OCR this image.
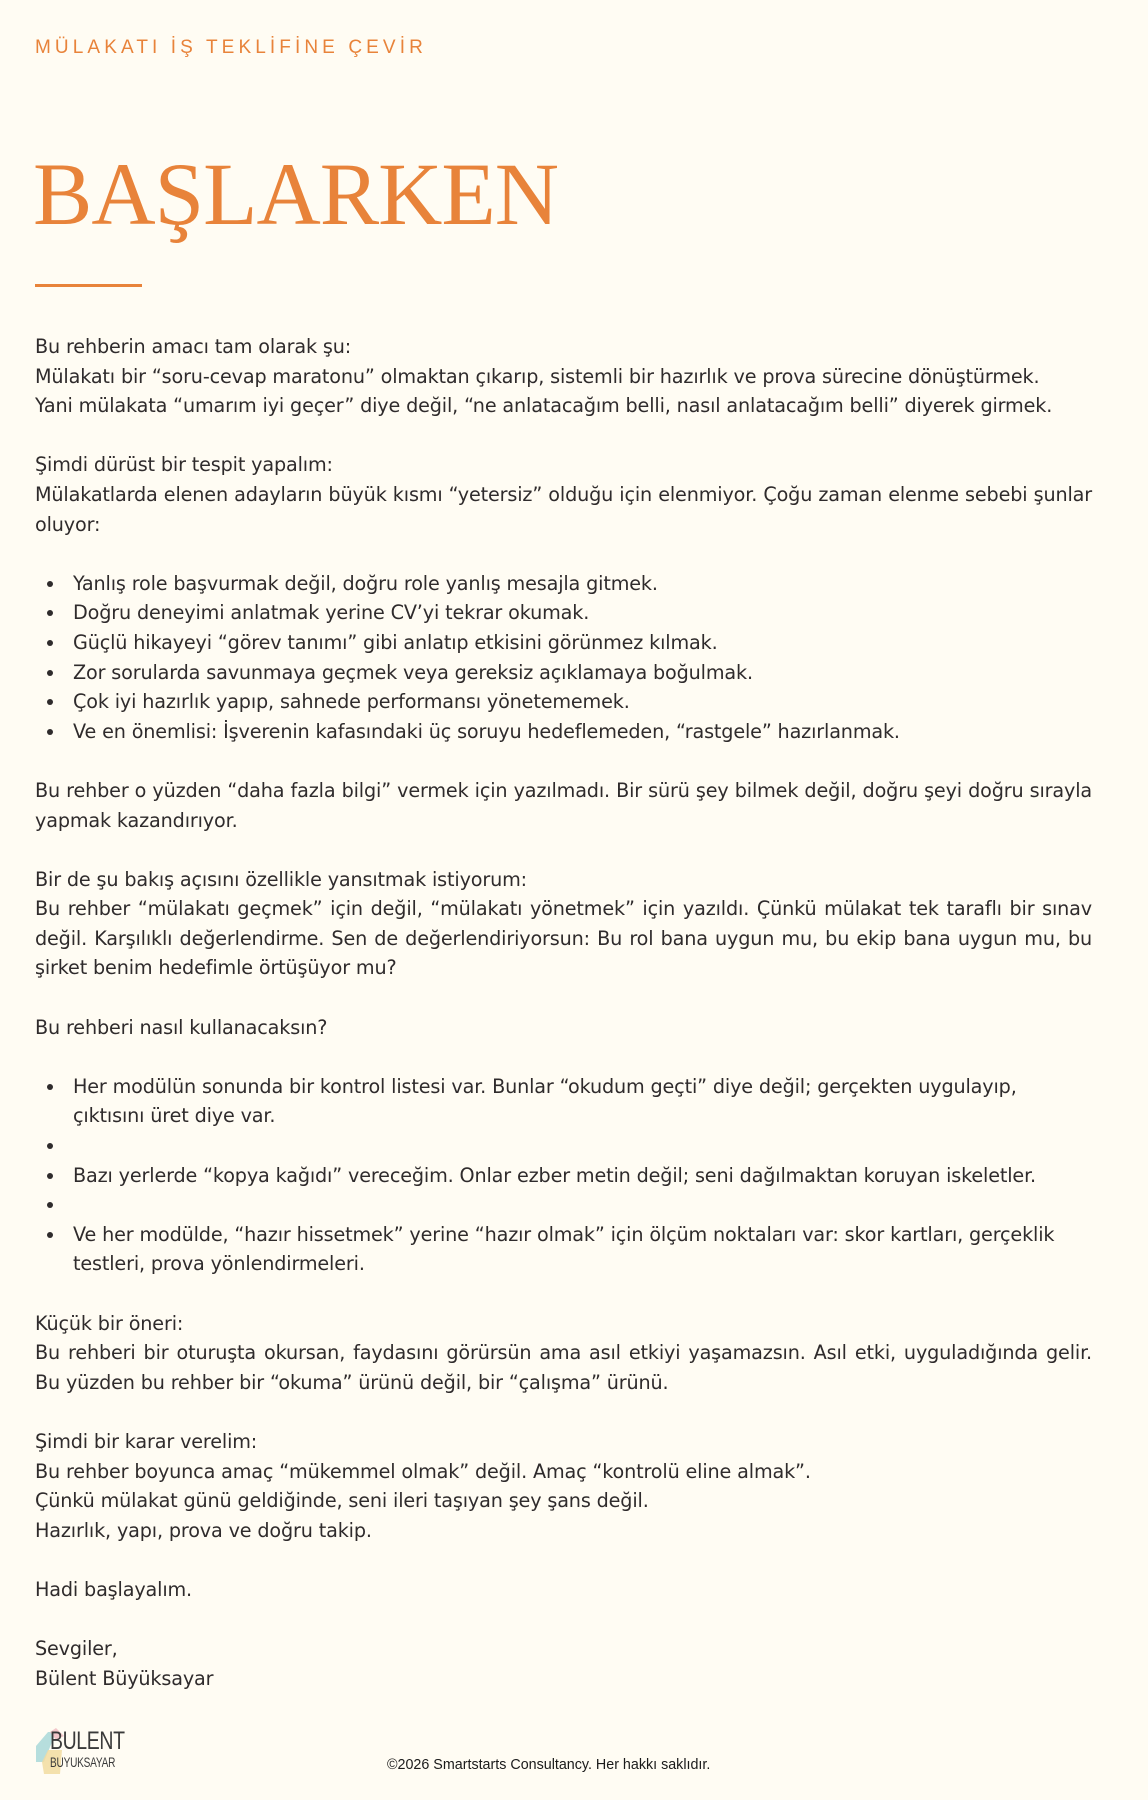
MÜLAKATI İŞ TEKLİFİNE ÇEVİR
BAŞLARKEN

Bu rehberin amacı tam olarak şu:
Mülakatı bir “soru-cevap maratonu” olmaktan çıkarıp, sistemli bir hazırlık ve prova sürecine dönüştürmek.
Yani mülakata “umarım iyi geçer” diye değil, “ne anlatacağım belli, nasıl anlatacağım belli” diyerek girmek.

Şimdi dürüst bir tespit yapalım:
Mülakatlarda elenen adayların büyük kısmı “yetersiz” olduğu için elenmiyor. Çoğu zaman elenme sebebi şunlar oluyor:

Yanlış role başvurmak değil, doğru role yanlış mesajla gitmek.
Doğru deneyimi anlatmak yerine CV’yi tekrar okumak.
Güçlü hikayeyi “görev tanımı” gibi anlatıp etkisini görünmez kılmak.
Zor sorularda savunmaya geçmek veya gereksiz açıklamaya boğulmak.
Çok iyi hazırlık yapıp, sahnede performansı yönetememek.
Ve en önemlisi: İşverenin kafasındaki üç soruyu hedeflemeden, “rastgele” hazırlanmak.

Bu rehber o yüzden “daha fazla bilgi” vermek için yazılmadı. Bir sürü şey bilmek değil, doğru şeyi doğru sırayla yapmak kazandırıyor.

Bir de şu bakış açısını özellikle yansıtmak istiyorum:
Bu rehber “mülakatı geçmek” için değil, “mülakatı yönetmek” için yazıldı. Çünkü mülakat tek taraflı bir sınav değil. Karşılıklı değerlendirme. Sen de değerlendiriyorsun: Bu rol bana uygun mu, bu ekip bana uygun mu, bu şirket benim hedefimle örtüşüyor mu?

Bu rehberi nasıl kullanacaksın?

Her modülün sonunda bir kontrol listesi var. Bunlar “okudum geçti” diye değil; gerçekten uygulayıp, çıktısını üret diye var.
Bazı yerlerde “kopya kağıdı” vereceğim. Onlar ezber metin değil; seni dağılmaktan koruyan iskeletler.
Ve her modülde, “hazır hissetmek” yerine “hazır olmak” için ölçüm noktaları var: skor kartları, gerçeklik testleri, prova yönlendirmeleri.

Küçük bir öneri:
Bu rehberi bir oturuşta okursan, faydasını görürsün ama asıl etkiyi yaşamazsın. Asıl etki, uyguladığında gelir. Bu yüzden bu rehber bir “okuma” ürünü değil, bir “çalışma” ürünü.

Şimdi bir karar verelim:
Bu rehber boyunca amaç “mükemmel olmak” değil. Amaç “kontrolü eline almak”.
Çünkü mülakat günü geldiğinde, seni ileri taşıyan şey şans değil.
Hazırlık, yapı, prova ve doğru takip.

Hadi başlayalım.

Sevgiler,
Bülent Büyüksayar

BULENT
BUYUKSAYAR	©2026 Smartstarts Consultancy. Her hakkı saklıdır.
